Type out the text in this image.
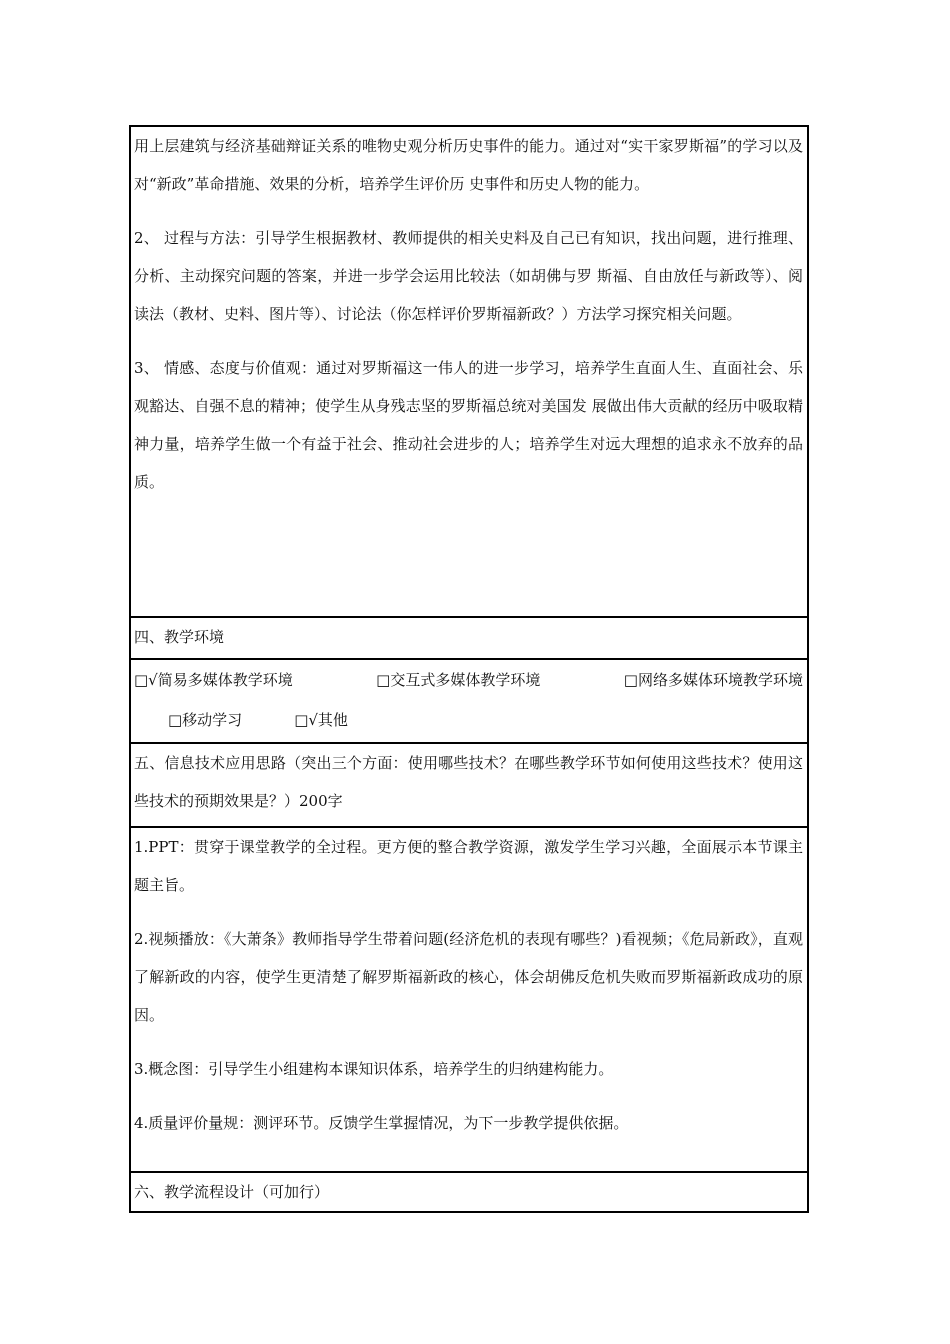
用上层建筑与经济基础辩证关系的唯物史观分析历史事件的能力。通过对“实干家罗斯福”的学习以及对“新政”革命措施、效果的分析，培养学生评价历 史事件和历史人物的能力。

2、 过程与方法：引导学生根据教材、教师提供的相关史料及自己已有知识，找出问题，进行推理、分析、主动探究问题的答案，并进一步学会运用比较法（如胡佛与罗 斯福、自由放任与新政等）、阅读法（教材、史料、图片等）、讨论法（你怎样评价罗斯福新政？）方法学习探究相关问题。

3、 情感、态度与价值观：通过对罗斯福这一伟人的进一步学习，培养学生直面人生、直面社会、乐观豁达、自强不息的精神；使学生从身残志坚的罗斯福总统对美国发 展做出伟大贡献的经历中吸取精神力量，培养学生做一个有益于社会、推动社会进步的人；培养学生对远大理想的追求永不放弃的品质。

四、教学环境

□√简易多媒体教学环境	□交互式多媒体教学环境	□网络多媒体环境教学环境
□移动学习	□√其他

五、信息技术应用思路（突出三个方面：使用哪些技术？在哪些教学环节如何使用这些技术？使用这些技术的预期效果是？）200字

1.PPT：贯穿于课堂教学的全过程。更方便的整合教学资源，激发学生学习兴趣，全面展示本节课主题主旨。

2.视频播放：《大萧条》教师指导学生带着问题(经济危机的表现有哪些？)看视频；《危局新政》，直观了解新政的内容，使学生更清楚了解罗斯福新政的核心，体会胡佛反危机失败而罗斯福新政成功的原因。

3.概念图：引导学生小组建构本课知识体系，培养学生的归纳建构能力。

4.质量评价量规：测评环节。反馈学生掌握情况，为下一步教学提供依据。

六、教学流程设计（可加行）
